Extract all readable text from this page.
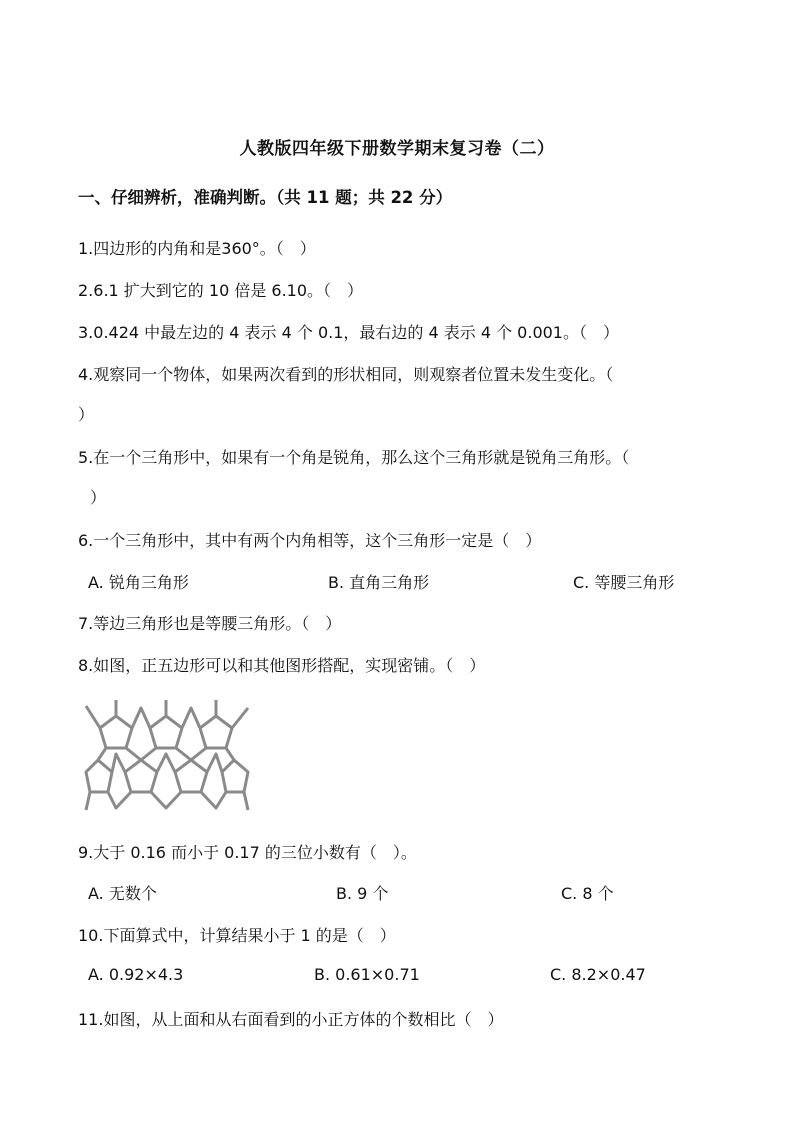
人教版四年级下册数学期末复习卷（二）
一、仔细辨析，准确判断。（共 11 题；共 22 分）
1.四边形的内角和是360°。（　）
2.6.1 扩大到它的 10 倍是 6.10。（　）
3.0.424 中最左边的 4 表示 4 个 0.1，最右边的 4 表示 4 个 0.001。（　）
4.观察同一个物体，如果两次看到的形状相同，则观察者位置未发生变化。（
）
5.在一个三角形中，如果有一个角是锐角，那么这个三角形就是锐角三角形。（
）
6.一个三角形中，其中有两个内角相等，这个三角形一定是（　）
A. 锐角三角形	B. 直角三角形	C. 等腰三角形
7.等边三角形也是等腰三角形。（　）
8.如图，正五边形可以和其他图形搭配，实现密铺。（　）
9.大于 0.16 而小于 0.17 的三位小数有（　）。
A. 无数个	B. 9 个	C. 8 个
10.下面算式中，计算结果小于 1 的是（　）
A. 0.92×4.3	B. 0.61×0.71	C. 8.2×0.47
11.如图，从上面和从右面看到的小正方体的个数相比（　）
